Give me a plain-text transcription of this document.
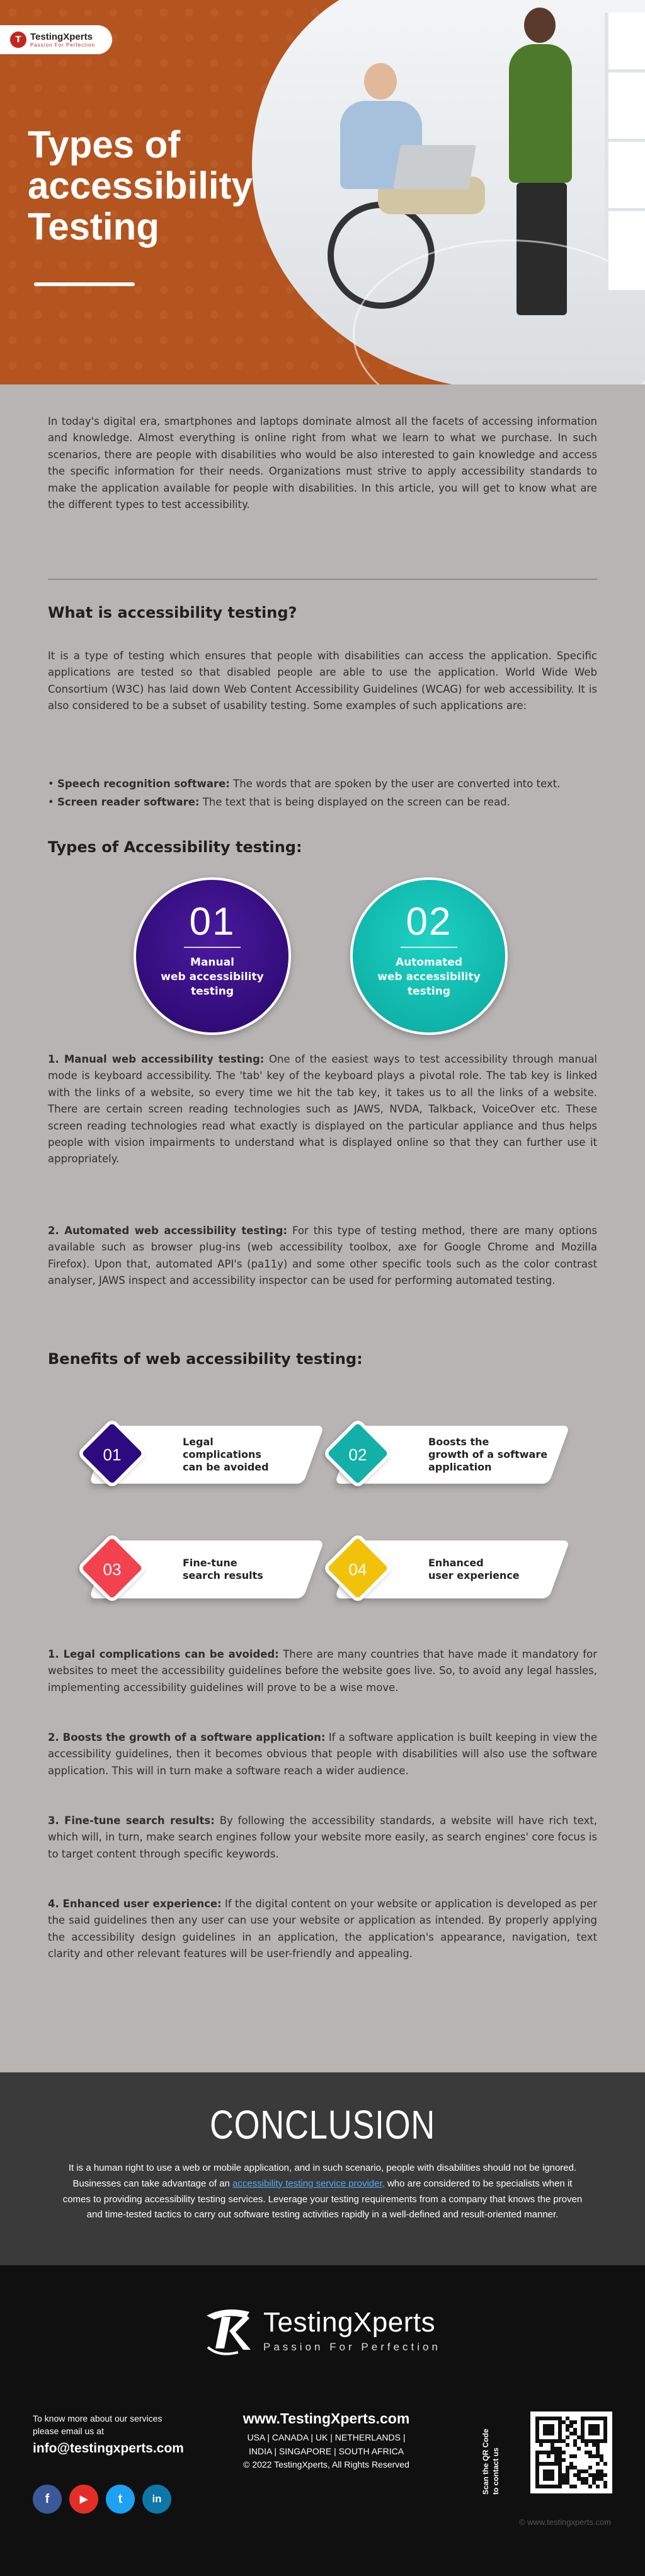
T TestingXperts
Passion For Perfection
Types of
accessibility
Testing
In today's digital era, smartphones and laptops dominate almost all the facets of accessing information and knowledge. Almost everything is online right from what we learn to what we purchase. In such scenarios, there are people with disabilities who would be also interested to gain knowledge and access the specific information for their needs. Organizations must strive to apply accessibility standards to make the application available for people with disabilities. In this article, you will get to know what are the different types to test accessibility.
What is accessibility testing?
It is a type of testing which ensures that people with disabilities can access the application. Specific applications are tested so that disabled people are able to use the application. World Wide Web Consortium (W3C) has laid down Web Content Accessibility Guidelines (WCAG) for web accessibility. It is also considered to be a subset of usability testing. Some examples of such applications are:
• Speech recognition software: The words that are spoken by the user are converted into text.
• Screen reader software: The text that is being displayed on the screen can be read.
Types of Accessibility testing:
01
Manual
web accessibility
testing
02
Automated
web accessibility
testing
1. Manual web accessibility testing: One of the easiest ways to test accessibility through manual mode is keyboard accessibility. The 'tab' key of the keyboard plays a pivotal role. The tab key is linked with the links of a website, so every time we hit the tab key, it takes us to all the links of a website. There are certain screen reading technologies such as JAWS, NVDA, Talkback, VoiceOver etc. These screen reading technologies read what exactly is displayed on the particular appliance and thus helps people with vision impairments to understand what is displayed online so that they can further use it appropriately.
2. Automated web accessibility testing: For this type of testing method, there are many options available such as browser plug-ins (web accessibility toolbox, axe for Google Chrome and Mozilla Firefox). Upon that, automated API's (pa11y) and some other specific tools such as the color contrast analyser, JAWS inspect and accessibility inspector can be used for performing automated testing.
Benefits of web accessibility testing:
01
Legal
complications
can be avoided
02
Boosts the
growth of a software
application
03	Fine-tune
search results	04	Enhanced
user experience
1. Legal complications can be avoided: There are many countries that have made it mandatory for websites to meet the accessibility guidelines before the website goes live. So, to avoid any legal hassles, implementing accessibility guidelines will prove to be a wise move.
2. Boosts the growth of a software application: If a software application is built keeping in view the accessibility guidelines, then it becomes obvious that people with disabilities will also use the software application. This will in turn make a software reach a wider audience.
3. Fine-tune search results: By following the accessibility standards, a website will have rich text, which will, in turn, make search engines follow your website more easily, as search engines' core focus is to target content through specific keywords.
4. Enhanced user experience: If the digital content on your website or application is developed as per the said guidelines then any user can use your website or application as intended. By properly applying the accessibility design guidelines in an application, the application's appearance, navigation, text clarity and other relevant features will be user-friendly and appealing.
CONCLUSION
It is a human right to use a web or mobile application, and in such scenario, people with disabilities should not be ignored. Businesses can take advantage of an accessibility testing service provider, who are considered to be specialists when it comes to providing accessibility testing services. Leverage your testing requirements from a company that knows the proven and time-tested tactics to carry out software testing activities rapidly in a well-defined and result-oriented manner.
TestingXperts
Passion For Perfection
To know more about our services
please email us at
info@testingxperts.com
f	▶	t	in
www.TestingXperts.com
USA | CANADA | UK | NETHERLANDS |
INDIA | SINGAPORE | SOUTH AFRICA
© 2022 TestingXperts, All Rights Reserved	Scan the QR Code to contact us
© www.testingxperts.com
